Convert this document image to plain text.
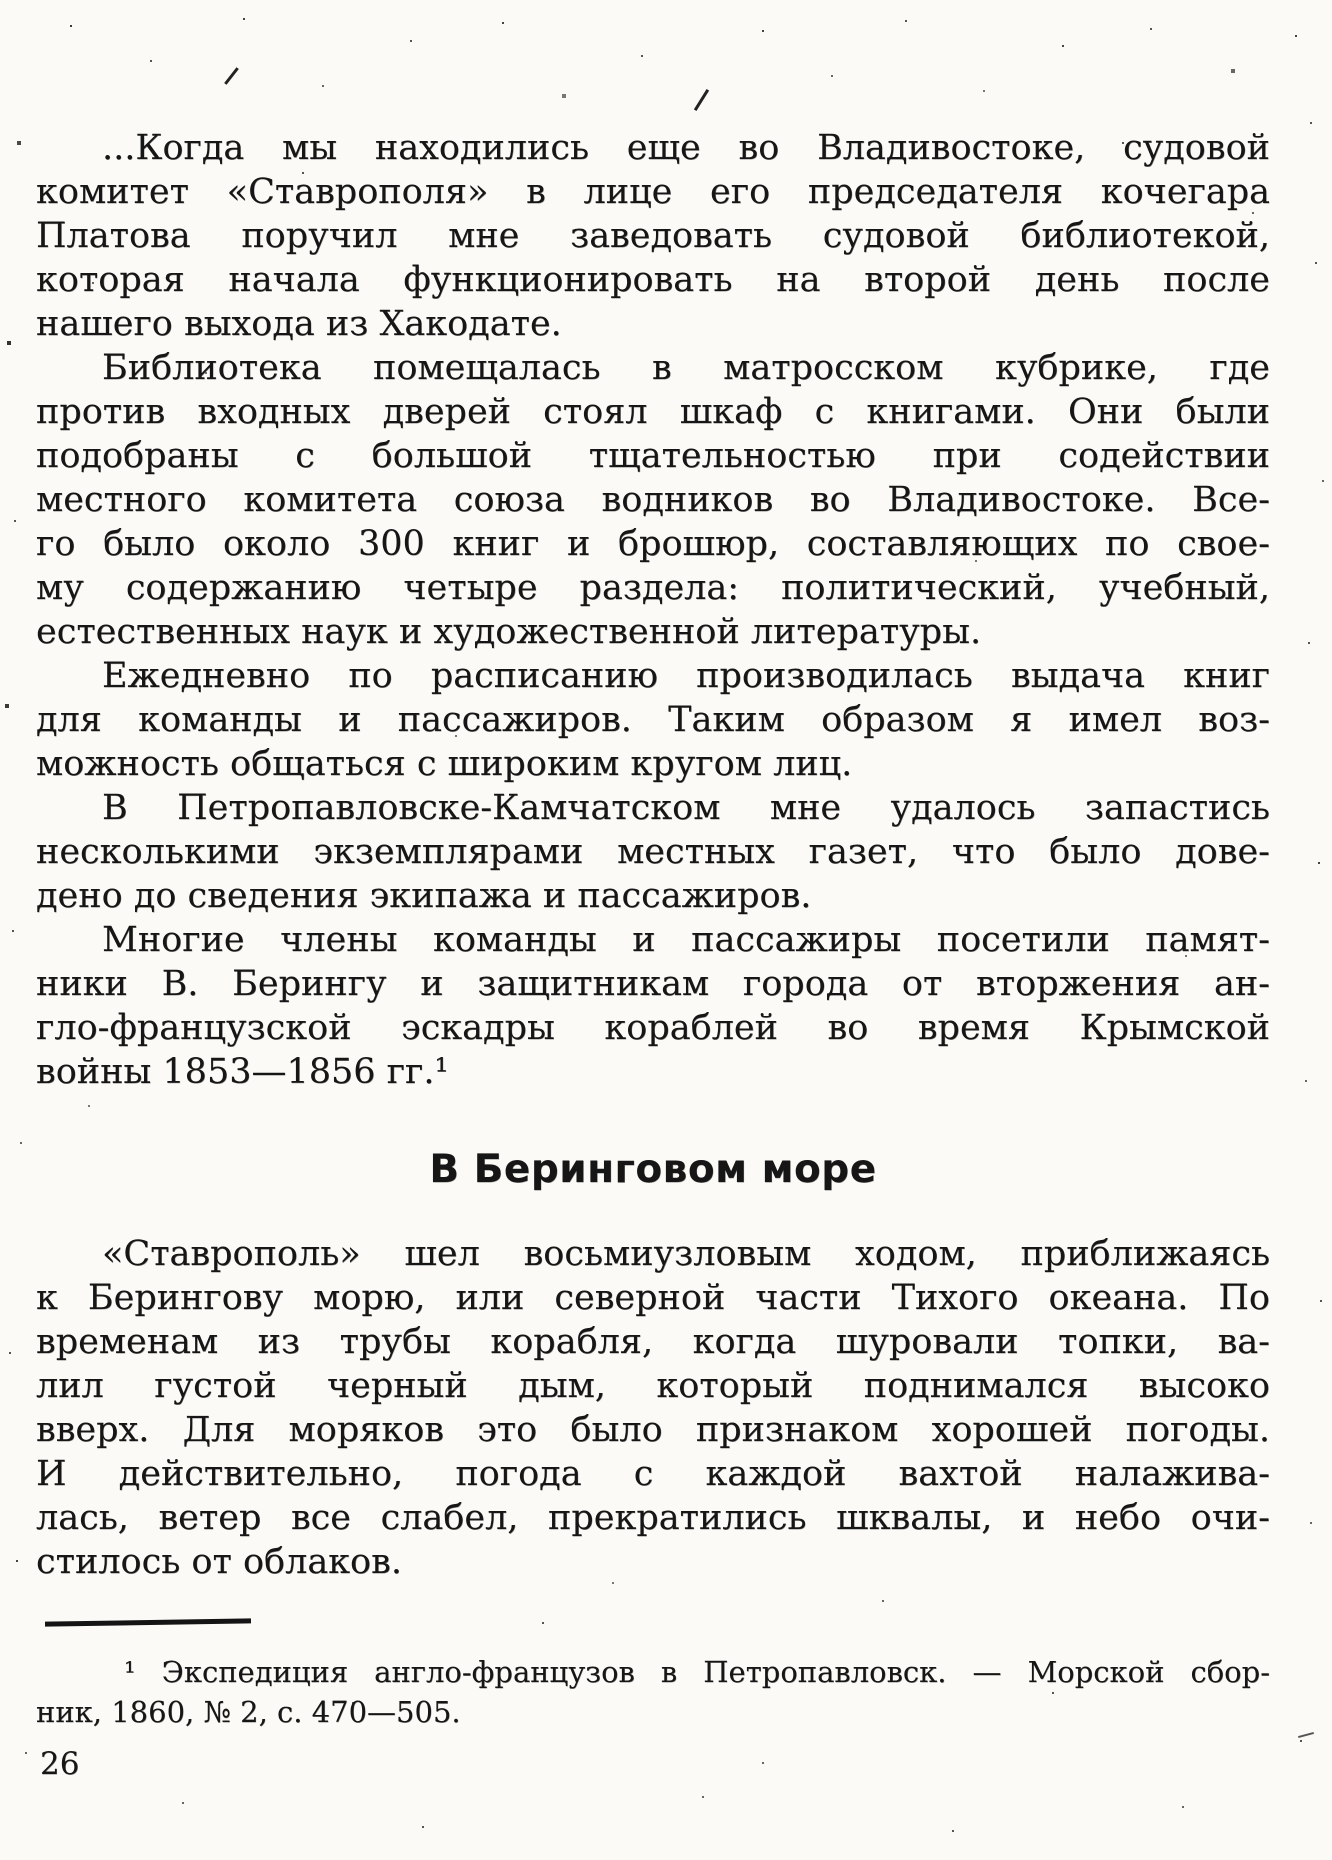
...Когда мы находились еще во Владивостоке, судовой
комитет «Ставрополя» в лице его председателя кочегара
Платова поручил мне заведовать судовой библиотекой,
которая начала функционировать на второй день после
нашего выхода из Хакодате.

Библиотека помещалась в матросском кубрике, где
против входных дверей стоял шкаф с книгами. Они были
подобраны с большой тщательностью при содействии
местного комитета союза водников во Владивостоке. Все-
го было около 300 книг и брошюр, составляющих по свое-
му содержанию четыре раздела: политический, учебный,
естественных наук и художественной литературы.

Ежедневно по расписанию производилась выдача книг
для команды и пассажиров. Таким образом я имел воз-
можность общаться с широким кругом лиц.

В Петропавловске-Камчатском мне удалось запастись
несколькими экземплярами местных газет, что было дове-
дено до сведения экипажа и пассажиров.

Многие члены команды и пассажиры посетили памят-
ники В. Берингу и защитникам города от вторжения ан-
гло-французской эскадры кораблей во время Крымской
войны 1853—1856 гг.¹

В Беринговом море

«Ставрополь» шел восьмиузловым ходом, приближаясь
к Берингову морю, или северной части Тихого океана. По
временам из трубы корабля, когда шуровали топки, ва-
лил густой черный дым, который поднимался высоко
вверх. Для моряков это было признаком хорошей погоды.
И действительно, погода с каждой вахтой налажива-
лась, ветер все слабел, прекратились шквалы, и небо очи-
стилось от облаков.

¹ Экспедиция англо-французов в Петропавловск. — Морской сбор-
ник, 1860, № 2, с. 470—505.

26
